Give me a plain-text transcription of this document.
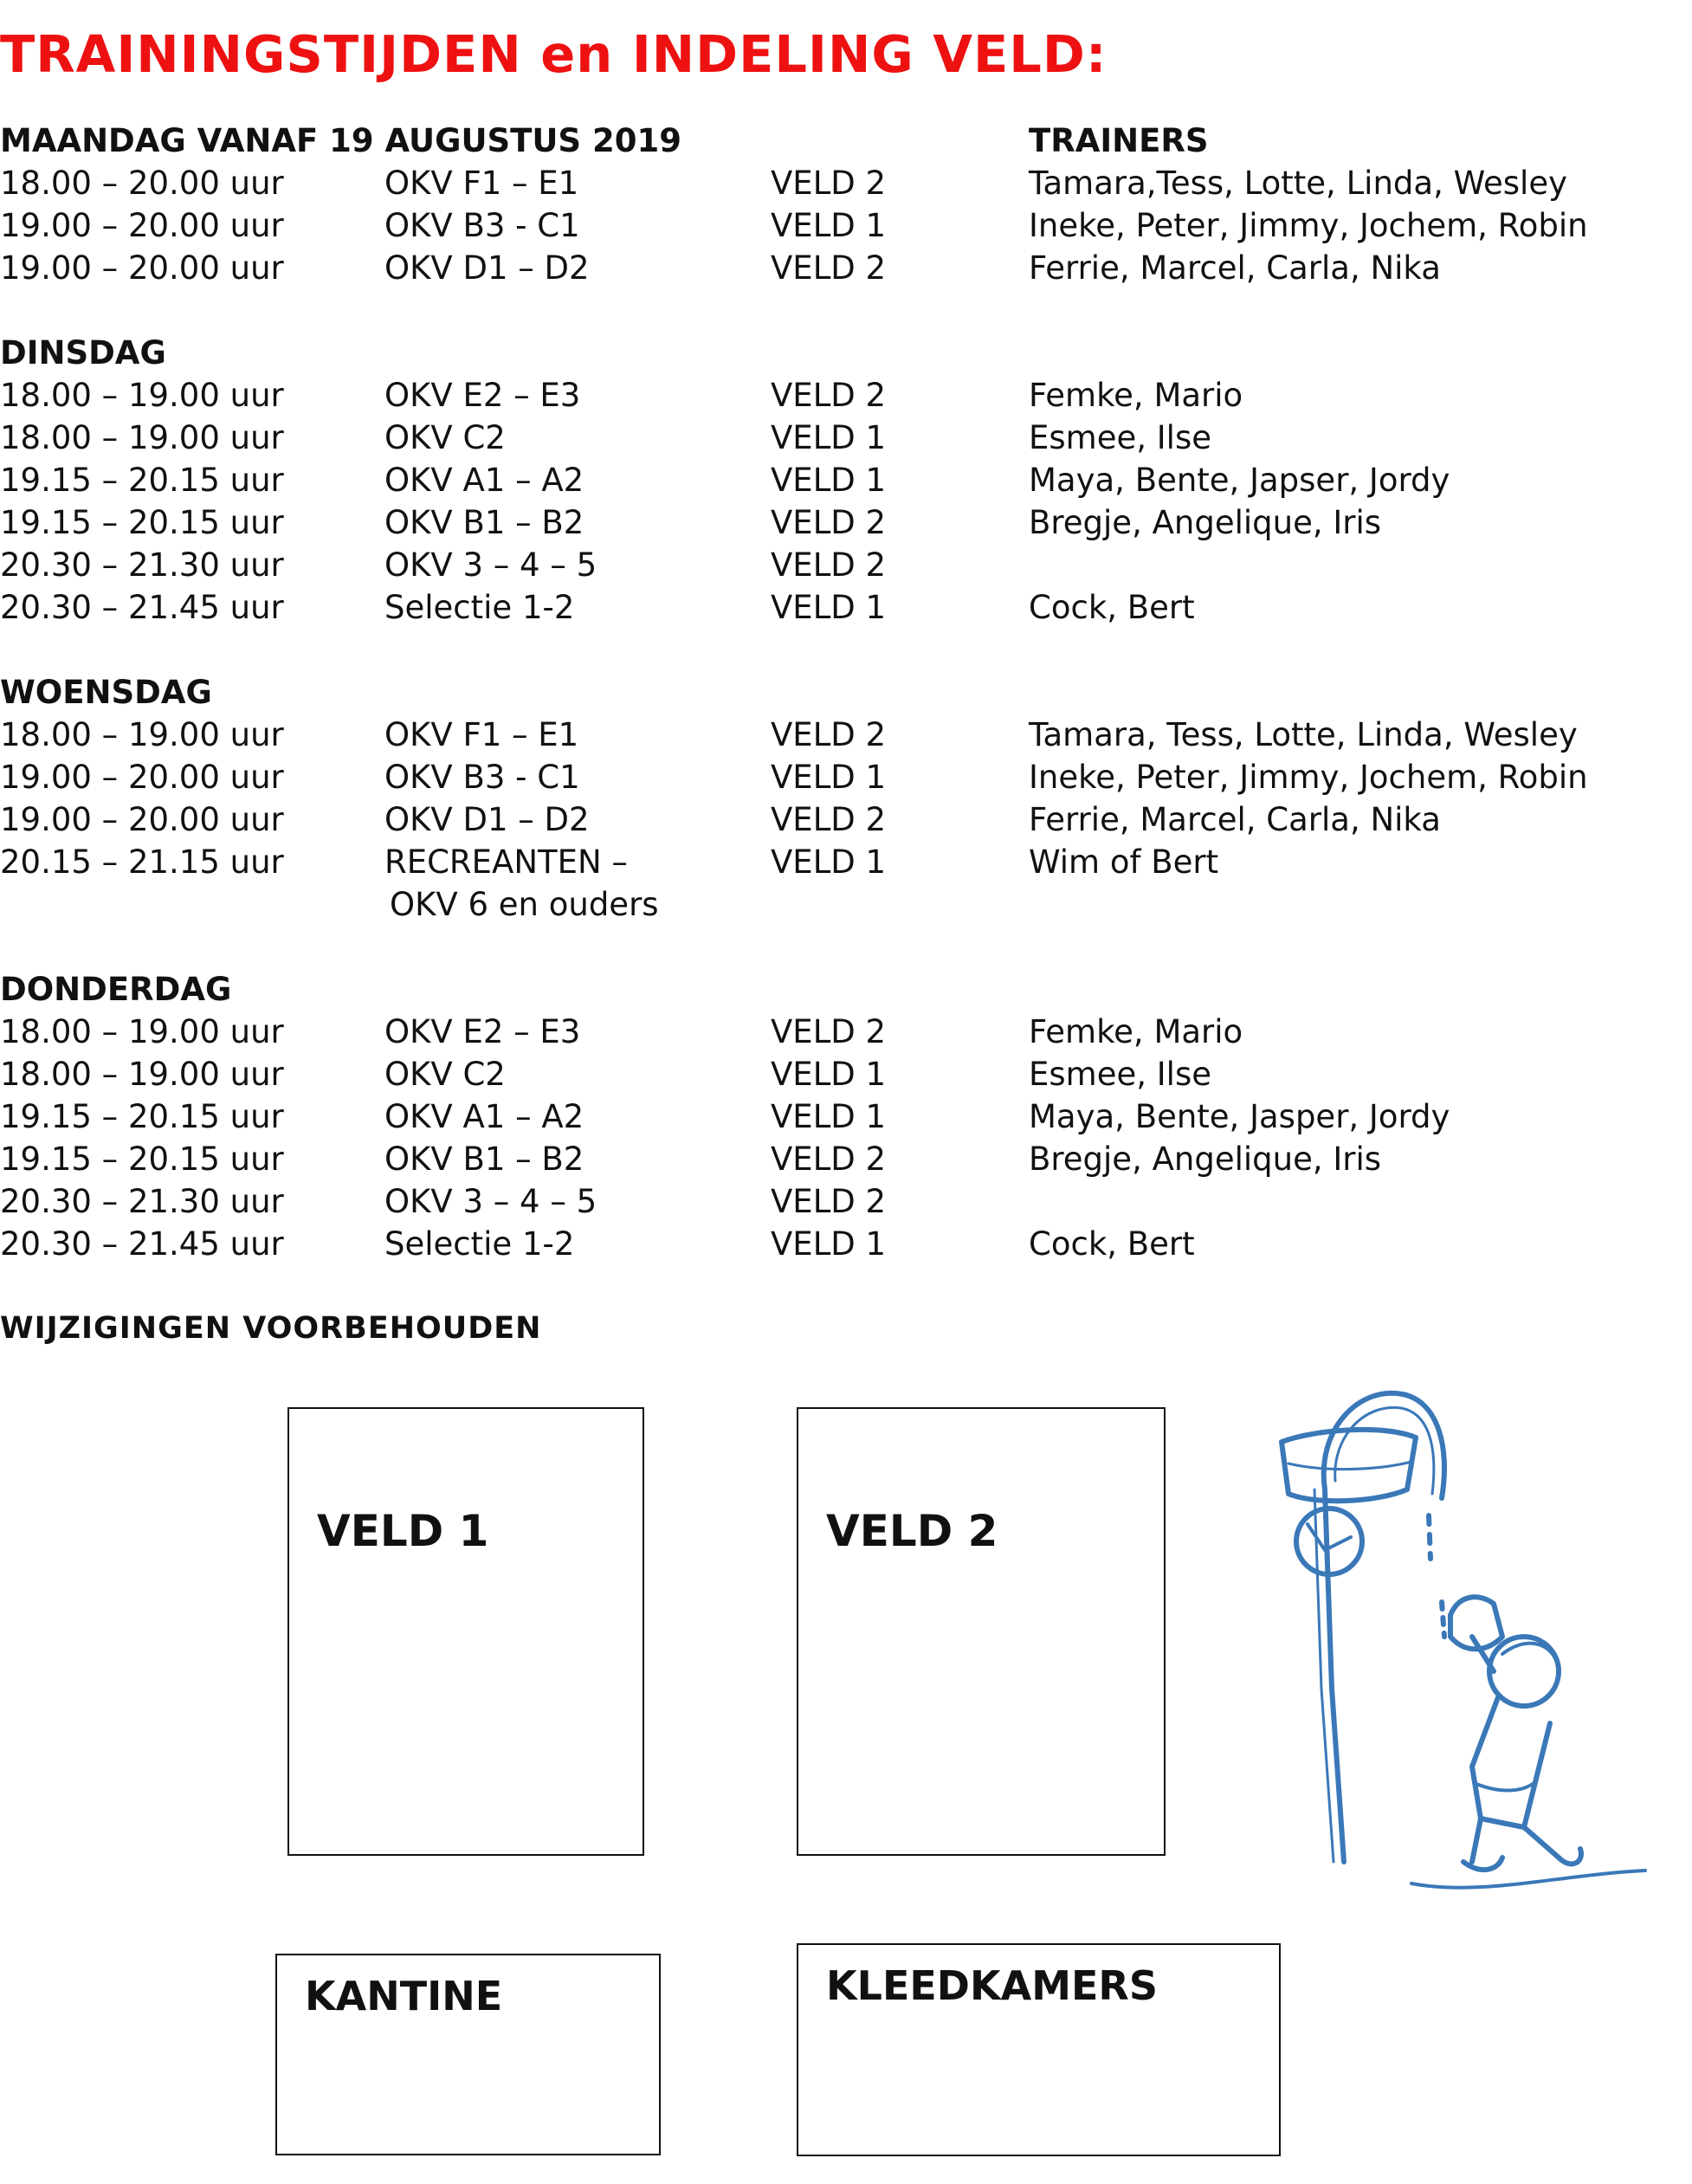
TRAININGSTIJDEN en INDELING VELD:
MAANDAG VANAF 19 AUGUSTUS 2019	TRAINERS
18.00 – 20.00 uur	OKV F1 – E1	VELD 2	Tamara,Tess, Lotte, Linda, Wesley
19.00 – 20.00 uur	OKV B3 - C1	VELD 1	Ineke, Peter, Jimmy, Jochem, Robin
19.00 – 20.00 uur	OKV D1 – D2	VELD 2	Ferrie, Marcel, Carla, Nika
DINSDAG
18.00 – 19.00 uur	OKV E2 – E3	VELD 2	Femke, Mario
18.00 – 19.00 uur	OKV C2	VELD 1	Esmee, Ilse
19.15 – 20.15 uur	OKV A1 – A2	VELD 1	Maya, Bente, Japser, Jordy
19.15 – 20.15 uur	OKV B1 – B2	VELD 2	Bregje, Angelique, Iris
20.30 – 21.30 uur	OKV 3 – 4 – 5	VELD 2
20.30 – 21.45 uur	Selectie 1-2	VELD 1	Cock, Bert
WOENSDAG
18.00 – 19.00 uur	OKV F1 – E1	VELD 2	Tamara, Tess, Lotte, Linda, Wesley
19.00 – 20.00 uur	OKV B3 - C1	VELD 1	Ineke, Peter, Jimmy, Jochem, Robin
19.00 – 20.00 uur	OKV D1 – D2	VELD 2	Ferrie, Marcel, Carla, Nika
20.15 – 21.15 uur	RECREANTEN –	VELD 1	Wim of Bert
OKV 6 en ouders
DONDERDAG
18.00 – 19.00 uur	OKV E2 – E3	VELD 2	Femke, Mario
18.00 – 19.00 uur	OKV C2	VELD 1	Esmee, Ilse
19.15 – 20.15 uur	OKV A1 – A2	VELD 1	Maya, Bente, Jasper, Jordy
19.15 – 20.15 uur	OKV B1 – B2	VELD 2	Bregje, Angelique, Iris
20.30 – 21.30 uur	OKV 3 – 4 – 5	VELD 2
20.30 – 21.45 uur	Selectie 1-2	VELD 1	Cock, Bert
WIJZIGINGEN VOORBEHOUDEN
VELD 1	VELD 2
KANTINE	KLEEDKAMERS
